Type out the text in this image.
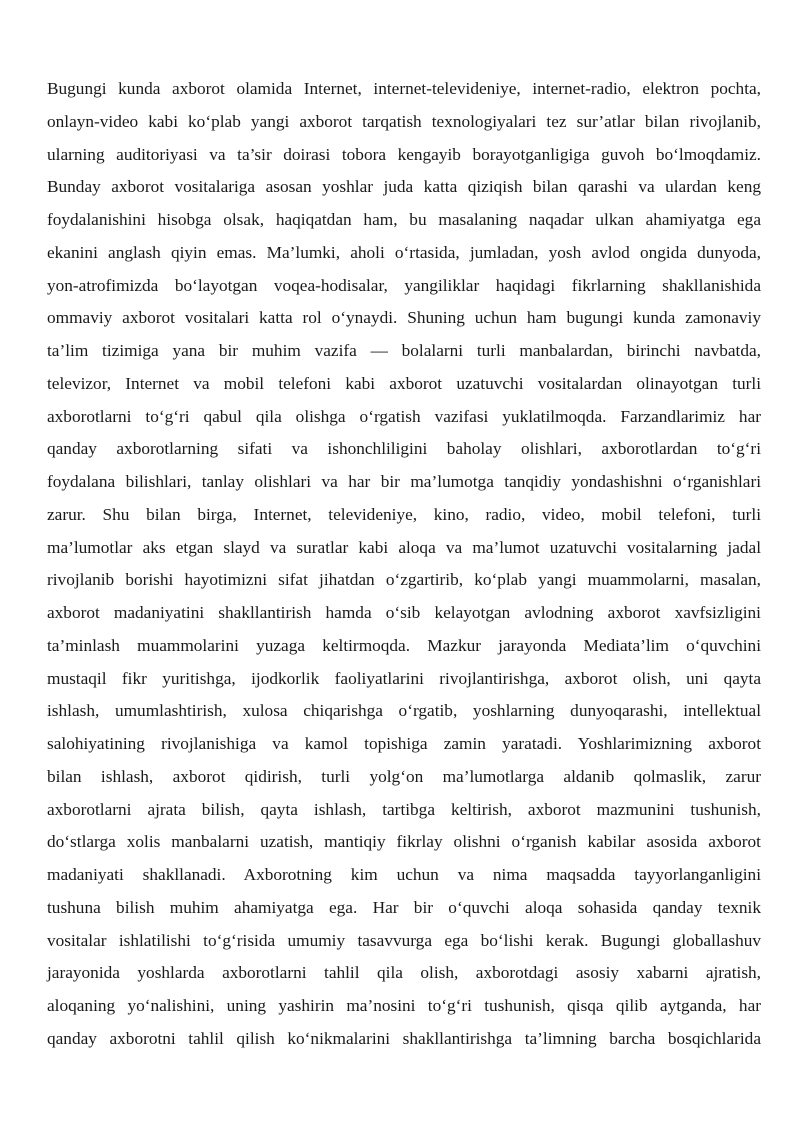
Bugungi kunda axborot olamida Internet, internet-televideniye, internet-radio, elektron pochta,
onlayn-video kabi ko‘plab yangi axborot tarqatish texnologiyalari tez sur’atlar bilan rivojlanib,
ularning auditoriyasi va ta’sir doirasi tobora kengayib borayotganligiga guvoh bo‘lmoqdamiz.
Bunday axborot vositalariga asosan yoshlar juda katta qiziqish bilan qarashi va ulardan keng
foydalanishini hisobga olsak, haqiqatdan ham, bu masalaning naqadar ulkan ahamiyatga ega
ekanini anglash qiyin emas. Ma’lumki, aholi o‘rtasida, jumladan, yosh avlod ongida dunyoda,
yon-atrofimizda bo‘layotgan voqea-hodisalar, yangiliklar haqidagi fikrlarning shakllanishida
ommaviy axborot vositalari katta rol o‘ynaydi. Shuning uchun ham bugungi kunda zamonaviy
ta’lim tizimiga yana bir muhim vazifa — bolalarni turli manbalardan, birinchi navbatda,
televizor, Internet va mobil telefoni kabi axborot uzatuvchi vositalardan olinayotgan turli
axborotlarni to‘g‘ri qabul qila olishga o‘rgatish vazifasi yuklatilmoqda. Farzandlarimiz har
qanday axborotlarning sifati va ishonchliligini baholay olishlari, axborotlardan to‘g‘ri
foydalana bilishlari, tanlay olishlari va har bir ma’lumotga tanqidiy yondashishni o‘rganishlari
zarur. Shu bilan birga, Internet, televideniye, kino, radio, video, mobil telefoni, turli
ma’lumotlar aks etgan slayd va suratlar kabi aloqa va ma’lumot uzatuvchi vositalarning jadal
rivojlanib borishi hayotimizni sifat jihatdan o‘zgartirib, ko‘plab yangi muammolarni, masalan,
axborot madaniyatini shakllantirish hamda o‘sib kelayotgan avlodning axborot xavfsizligini
ta’minlash muammolarini yuzaga keltirmoqda. Mazkur jarayonda Mediata’lim o‘quvchini
mustaqil fikr yuritishga, ijodkorlik faoliyatlarini rivojlantirishga, axborot olish, uni qayta
ishlash, umumlashtirish, xulosa chiqarishga o‘rgatib, yoshlarning dunyoqarashi, intellektual
salohiyatining rivojlanishiga va kamol topishiga zamin yaratadi. Yoshlarimizning axborot
bilan ishlash, axborot qidirish, turli yolg‘on ma’lumotlarga aldanib qolmaslik, zarur
axborotlarni ajrata bilish, qayta ishlash, tartibga keltirish, axborot mazmunini tushunish,
do‘stlarga xolis manbalarni uzatish, mantiqiy fikrlay olishni o‘rganish kabilar asosida axborot
madaniyati shakllanadi. Axborotning kim uchun va nima maqsadda tayyorlanganligini
tushuna bilish muhim ahamiyatga ega. Har bir o‘quvchi aloqa sohasida qanday texnik
vositalar ishlatilishi to‘g‘risida umumiy tasavvurga ega bo‘lishi kerak. Bugungi globallashuv
jarayonida yoshlarda axborotlarni tahlil qila olish, axborotdagi asosiy xabarni ajratish,
aloqaning yo‘nalishini, uning yashirin ma’nosini to‘g‘ri tushunish, qisqa qilib aytganda, har
qanday axborotni tahlil qilish ko‘nikmalarini shakllantirishga ta’limning barcha bosqichlarida
